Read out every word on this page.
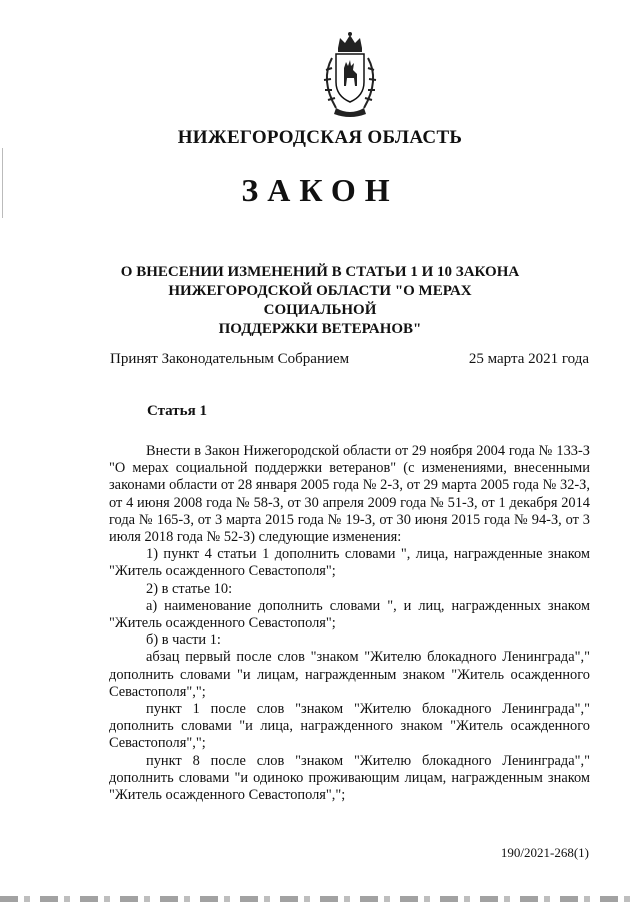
НИЖЕГОРОДСКАЯ ОБЛАСТЬ
ЗАКОН
О ВНЕСЕНИИ ИЗМЕНЕНИЙ В СТАТЬИ 1 И 10 ЗАКОНА
НИЖЕГОРОДСКОЙ ОБЛАСТИ "О МЕРАХ СОЦИАЛЬНОЙ
ПОДДЕРЖКИ ВЕТЕРАНОВ"
Принят Законодательным Собранием	25 марта 2021 года
Статья 1

Внести в Закон Нижегородской области от 29 ноября 2004 года № 133-З "О мерах социальной поддержки ветеранов" (с изменениями, внесенными законами области от 28 января 2005 года № 2-З, от 29 марта 2005 года № 32-З, от 4 июня 2008 года № 58-З, от 30 апреля 2009 года № 51-З, от 1 декабря 2014 года № 165-З, от 3 марта 2015 года № 19-З, от 30 июня 2015 года № 94-З, от 3 июля 2018 года № 52-З) следующие изменения:

1) пункт 4 статьи 1 дополнить словами ", лица, награжденные знаком "Житель осажденного Севастополя";

2) в статье 10:

а) наименование дополнить словами ", и лиц, награжденных знаком "Житель осажденного Севастополя";

б) в части 1:

абзац первый после слов "знаком "Жителю блокадного Ленинграда"," дополнить словами "и лицам, награжденным знаком "Житель осажденного Севастополя",";

пункт 1 после слов "знаком "Жителю блокадного Ленинграда"," дополнить словами "и лица, награжденного знаком "Житель осажденного Севастополя",";

пункт 8 после слов "знаком "Жителю блокадного Ленинграда"," дополнить словами "и одиноко проживающим лицам, награжденным знаком "Житель осажденного Севастополя",";

190/2021-268(1)
